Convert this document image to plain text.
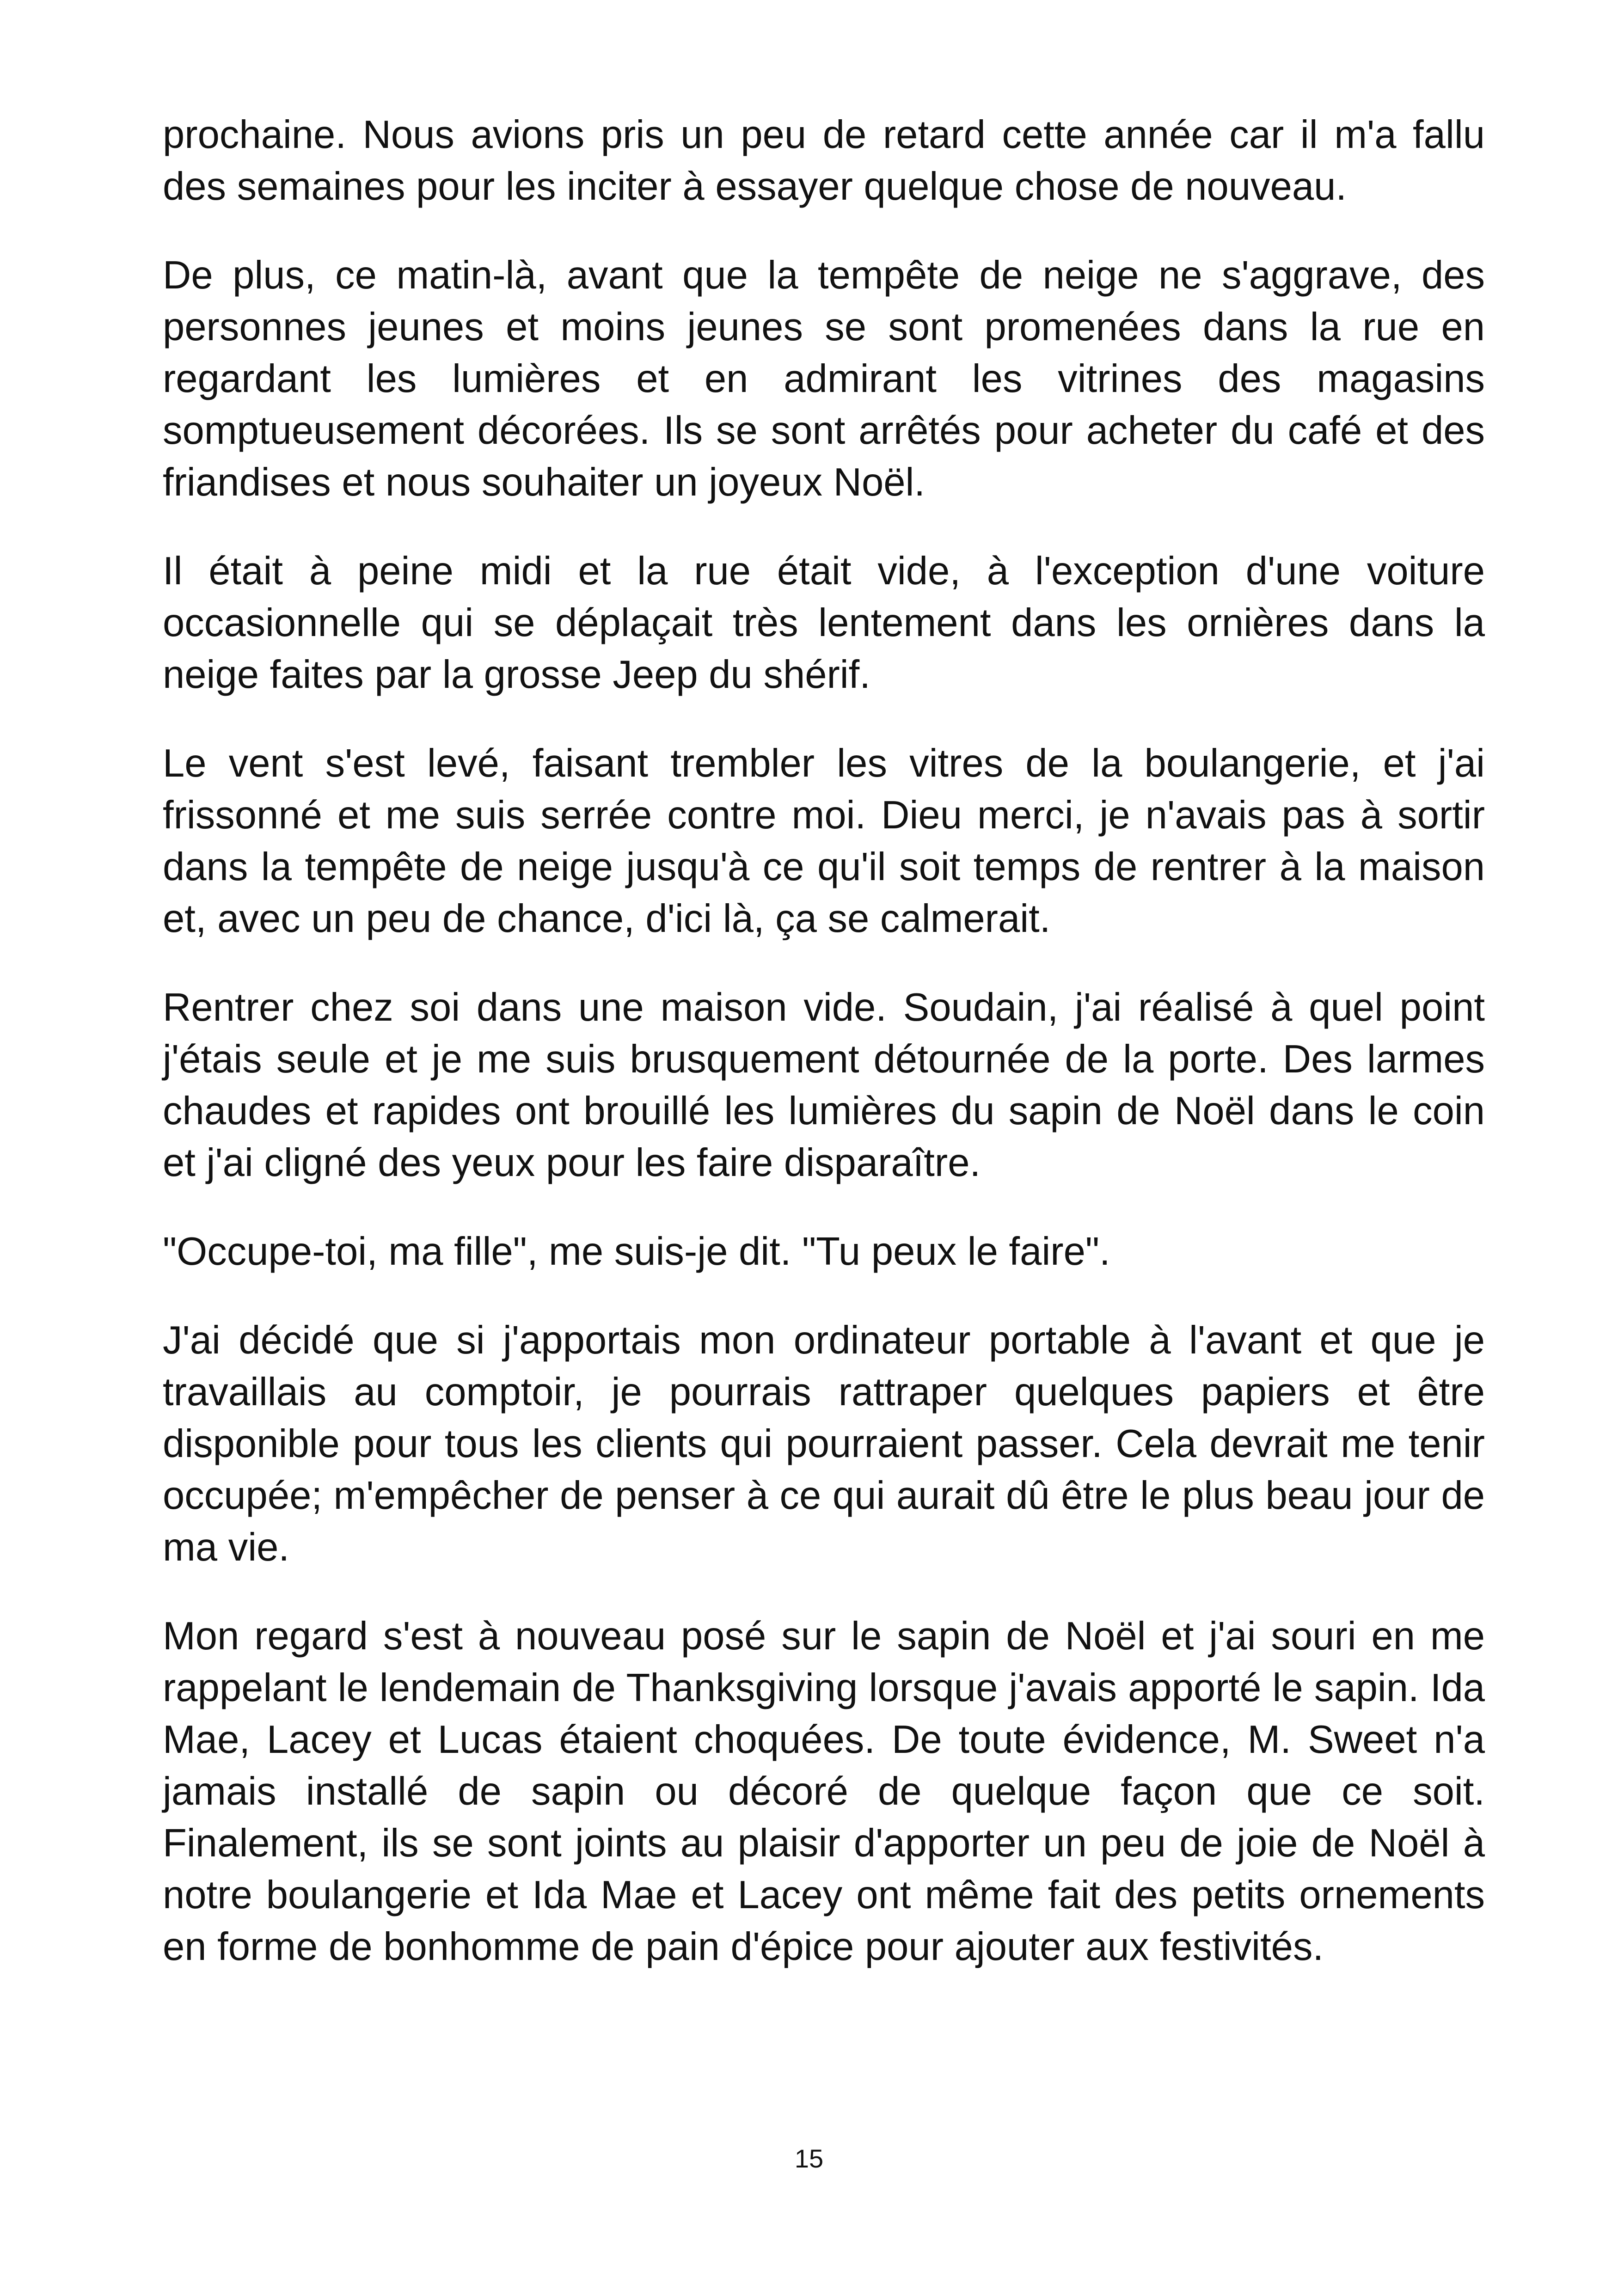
prochaine. Nous avions pris un peu de retard cette année car il m'a fallu des semaines pour les inciter à essayer quelque chose de nouveau.

De plus, ce matin-là, avant que la tempête de neige ne s'aggrave, des personnes jeunes et moins jeunes se sont promenées dans la rue en regardant les lumières et en admirant les vitrines des magasins somptueusement décorées. Ils se sont arrêtés pour acheter du café et des friandises et nous souhaiter un joyeux Noël.

Il était à peine midi et la rue était vide, à l'exception d'une voiture occasionnelle qui se déplaçait très lentement dans les ornières dans la neige faites par la grosse Jeep du shérif.

Le vent s'est levé, faisant trembler les vitres de la boulangerie, et j'ai frissonné et me suis serrée contre moi. Dieu merci, je n'avais pas à sortir dans la tempête de neige jusqu'à ce qu'il soit temps de rentrer à la maison et, avec un peu de chance, d'ici là, ça se calmerait.

Rentrer chez soi dans une maison vide. Soudain, j'ai réalisé à quel point j'étais seule et je me suis brusquement détournée de la porte. Des larmes chaudes et rapides ont brouillé les lumières du sapin de Noël dans le coin et j'ai cligné des yeux pour les faire disparaître.

"Occupe-toi, ma fille", me suis-je dit. "Tu peux le faire".

J'ai décidé que si j'apportais mon ordinateur portable à l'avant et que je travaillais au comptoir, je pourrais rattraper quelques papiers et être disponible pour tous les clients qui pourraient passer. Cela devrait me tenir occupée; m'empêcher de penser à ce qui aurait dû être le plus beau jour de ma vie.

Mon regard s'est à nouveau posé sur le sapin de Noël et j'ai souri en me rappelant le lendemain de Thanksgiving lorsque j'avais apporté le sapin. Ida Mae, Lacey et Lucas étaient choquées. De toute évidence, M. Sweet n'a jamais installé de sapin ou décoré de quelque façon que ce soit. Finalement, ils se sont joints au plaisir d'apporter un peu de joie de Noël à notre boulangerie et Ida Mae et Lacey ont même fait des petits ornements en forme de bonhomme de pain d'épice pour ajouter aux festivités.

15
